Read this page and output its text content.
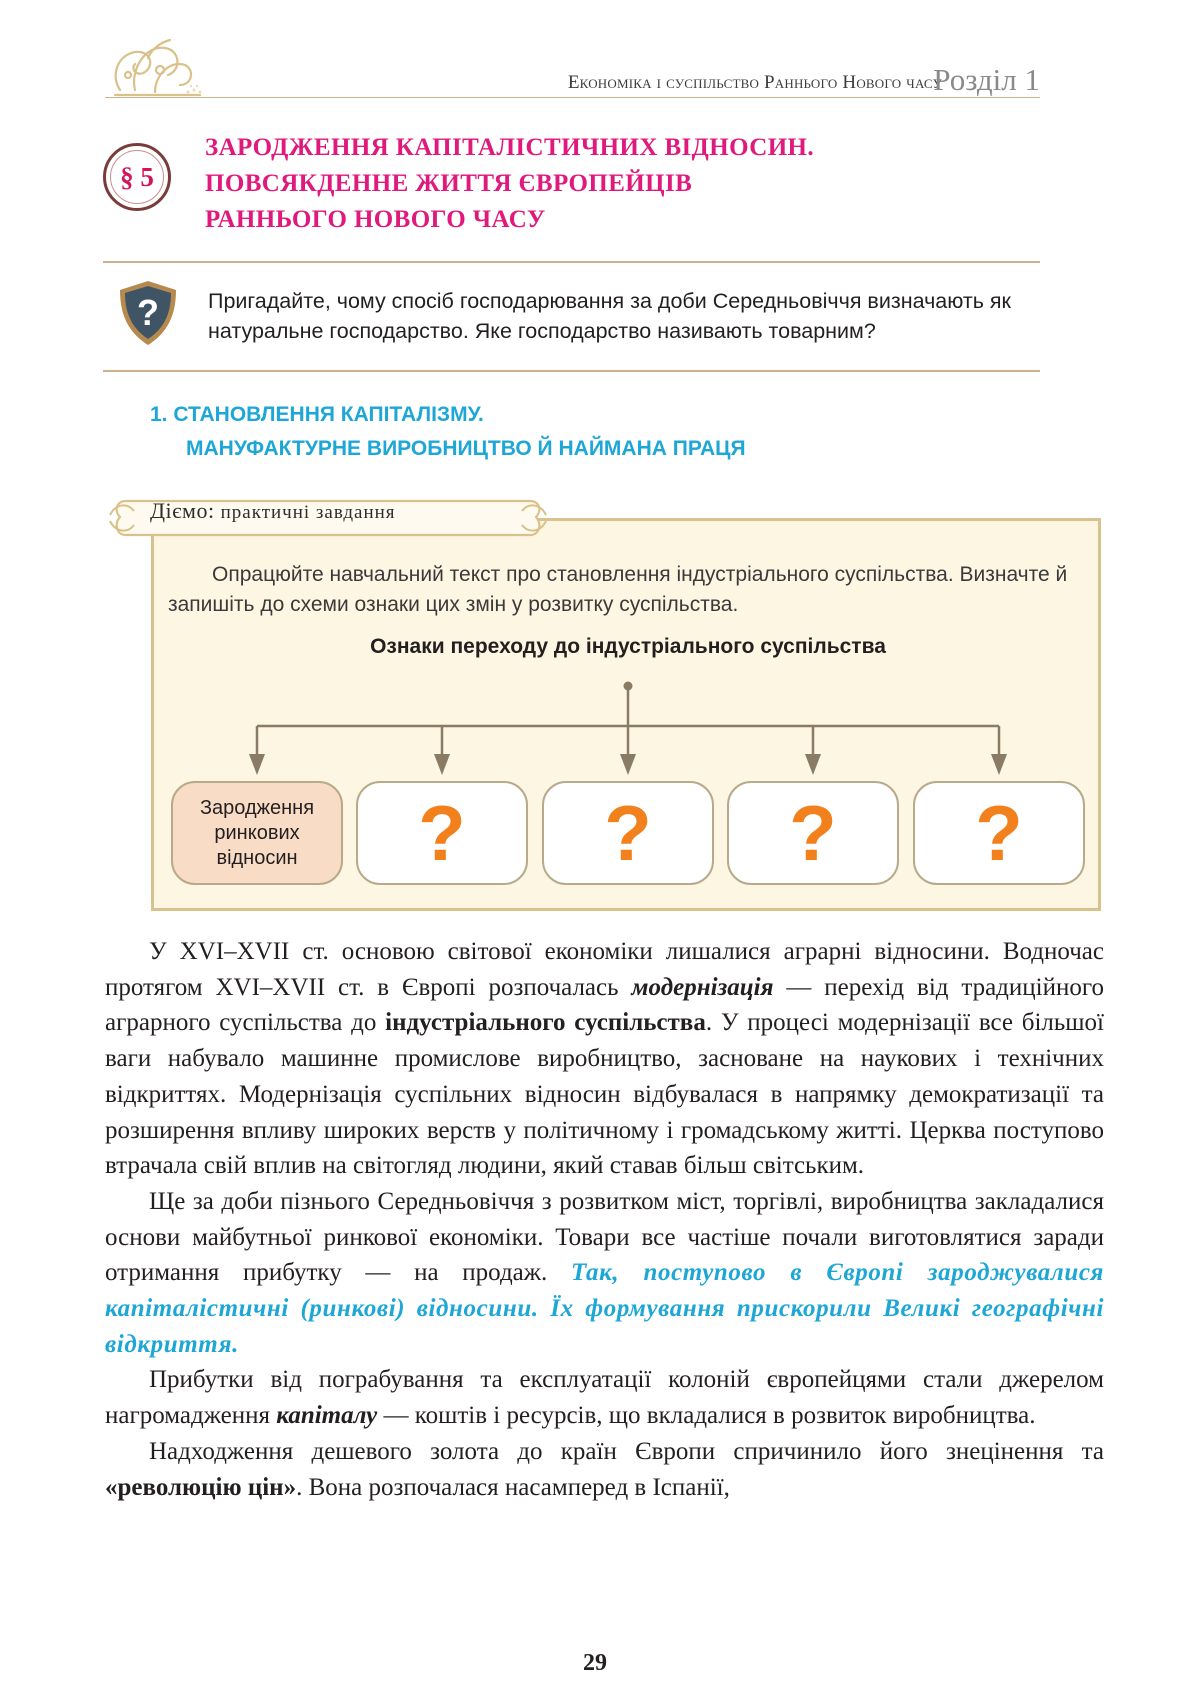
Економіка і суспільство Раннього Нового часу
Розділ 1
§ 5
ЗАРОДЖЕННЯ КАПІТАЛІСТИЧНИХ ВІДНОСИН.
ПОВСЯКДЕННЕ ЖИТТЯ ЄВРОПЕЙЦІВ
РАННЬОГО НОВОГО ЧАСУ
? Пригадайте, чому спосіб господарювання за доби Середньовіччя визначають як натуральне господарство. Яке господарство називають товарним?

1. СТАНОВЛЕННЯ КАПІТАЛІЗМУ.
МАНУФАКТУРНЕ ВИРОБНИЦТВО Й НАЙМАНА ПРАЦЯ
Діємо: практичні завдання

Опрацюйте навчальний текст про становлення індустріального суспільства. Визначте й запишіть до схеми ознаки цих змін у розвитку суспільства.

Ознаки переходу до індустріального суспільства
Зародження ринкових відносин	? ? ? ?

У XVI–XVII ст. основою світової економіки лишалися аграрні відносини. Водночас протягом XVI–XVII ст. в Європі розпочалась модернізація — перехід від традиційного аграрного суспільства до індустріального суспільства. У процесі модернізації все більшої ваги набувало машинне промислове виробництво, засноване на наукових і технічних відкриттях. Модернізація суспільних відносин відбувалася в напрямку демократизації та розширення впливу широких верств у політичному і громадському житті. Церква поступово втрачала свій вплив на світогляд людини, який ставав більш світським.

Ще за доби пізнього Середньовіччя з розвитком міст, торгівлі, виробництва закладалися основи майбутньої ринкової економіки. Товари все частіше почали виготовлятися заради отримання прибутку — на продаж. Так, поступово в Європі зароджувалися капіталістичні (ринкові) відносини. Їх формування прискорили Великі географічні відкриття.

Прибутки від пограбування та експлуатації колоній європейцями стали джерелом нагромадження капіталу — коштів і ресурсів, що вкладалися в розвиток виробництва.

Надходження дешевого золота до країн Європи спричинило його знецінення та «революцію цін». Вона розпочалася насамперед в Іспанії,

29
